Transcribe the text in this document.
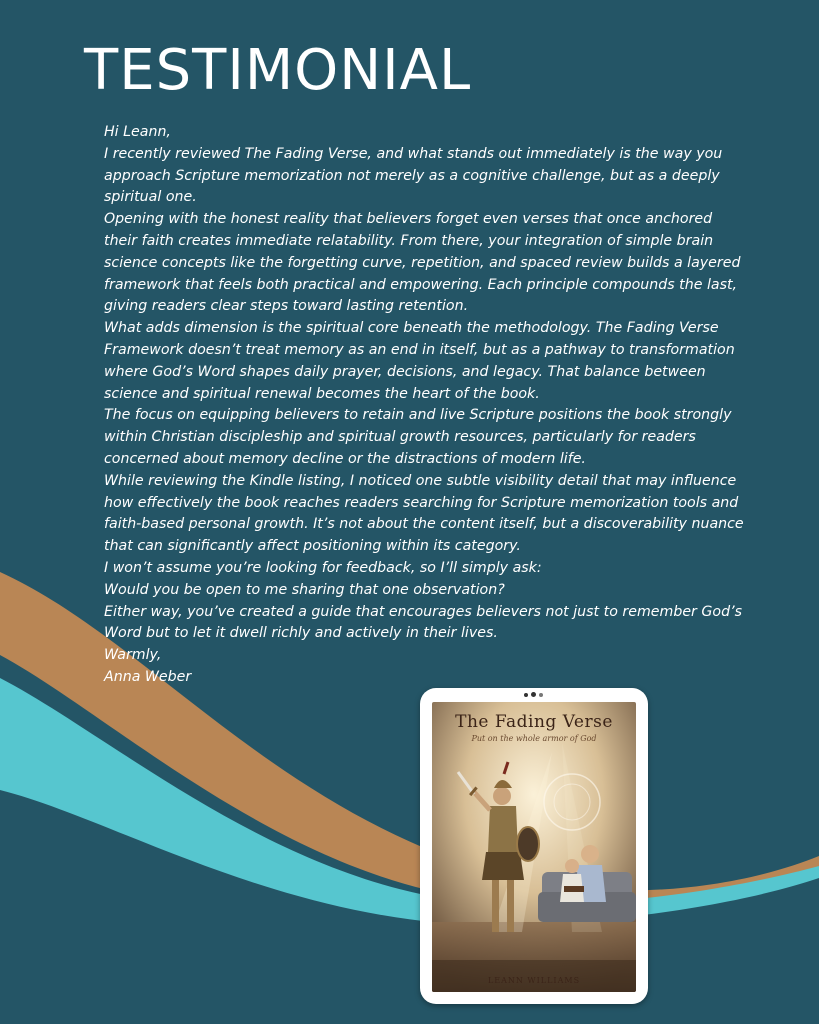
TESTIMONIAL

Hi Leann,

I recently reviewed The Fading Verse, and what stands out immediately is the way you approach Scripture memorization not merely as a cognitive challenge, but as a deeply spiritual one.

Opening with the honest reality that believers forget even verses that once anchored their faith creates immediate relatability. From there, your integration of simple brain science concepts like the forgetting curve, repetition, and spaced review builds a layered framework that feels both practical and empowering. Each principle compounds the last, giving readers clear steps toward lasting retention.

What adds dimension is the spiritual core beneath the methodology. The Fading Verse Framework doesn’t treat memory as an end in itself, but as a pathway to transformation where God’s Word shapes daily prayer, decisions, and legacy. That balance between science and spiritual renewal becomes the heart of the book.

The focus on equipping believers to retain and live Scripture positions the book strongly within Christian discipleship and spiritual growth resources, particularly for readers concerned about memory decline or the distractions of modern life.

While reviewing the Kindle listing, I noticed one subtle visibility detail that may influence how effectively the book reaches readers searching for Scripture memorization tools and faith-based personal growth. It’s not about the content itself, but a discoverability nuance that can significantly affect positioning within its category.

I won’t assume you’re looking for feedback, so I’ll simply ask:

Would you be open to me sharing that one observation?

Either way, you’ve created a guide that encourages believers not just to remember God’s Word but to let it dwell richly and actively in their lives.

Warmly,

Anna Weber

The Fading Verse
Put on the whole armor of God
LEANN WILLIAMS
